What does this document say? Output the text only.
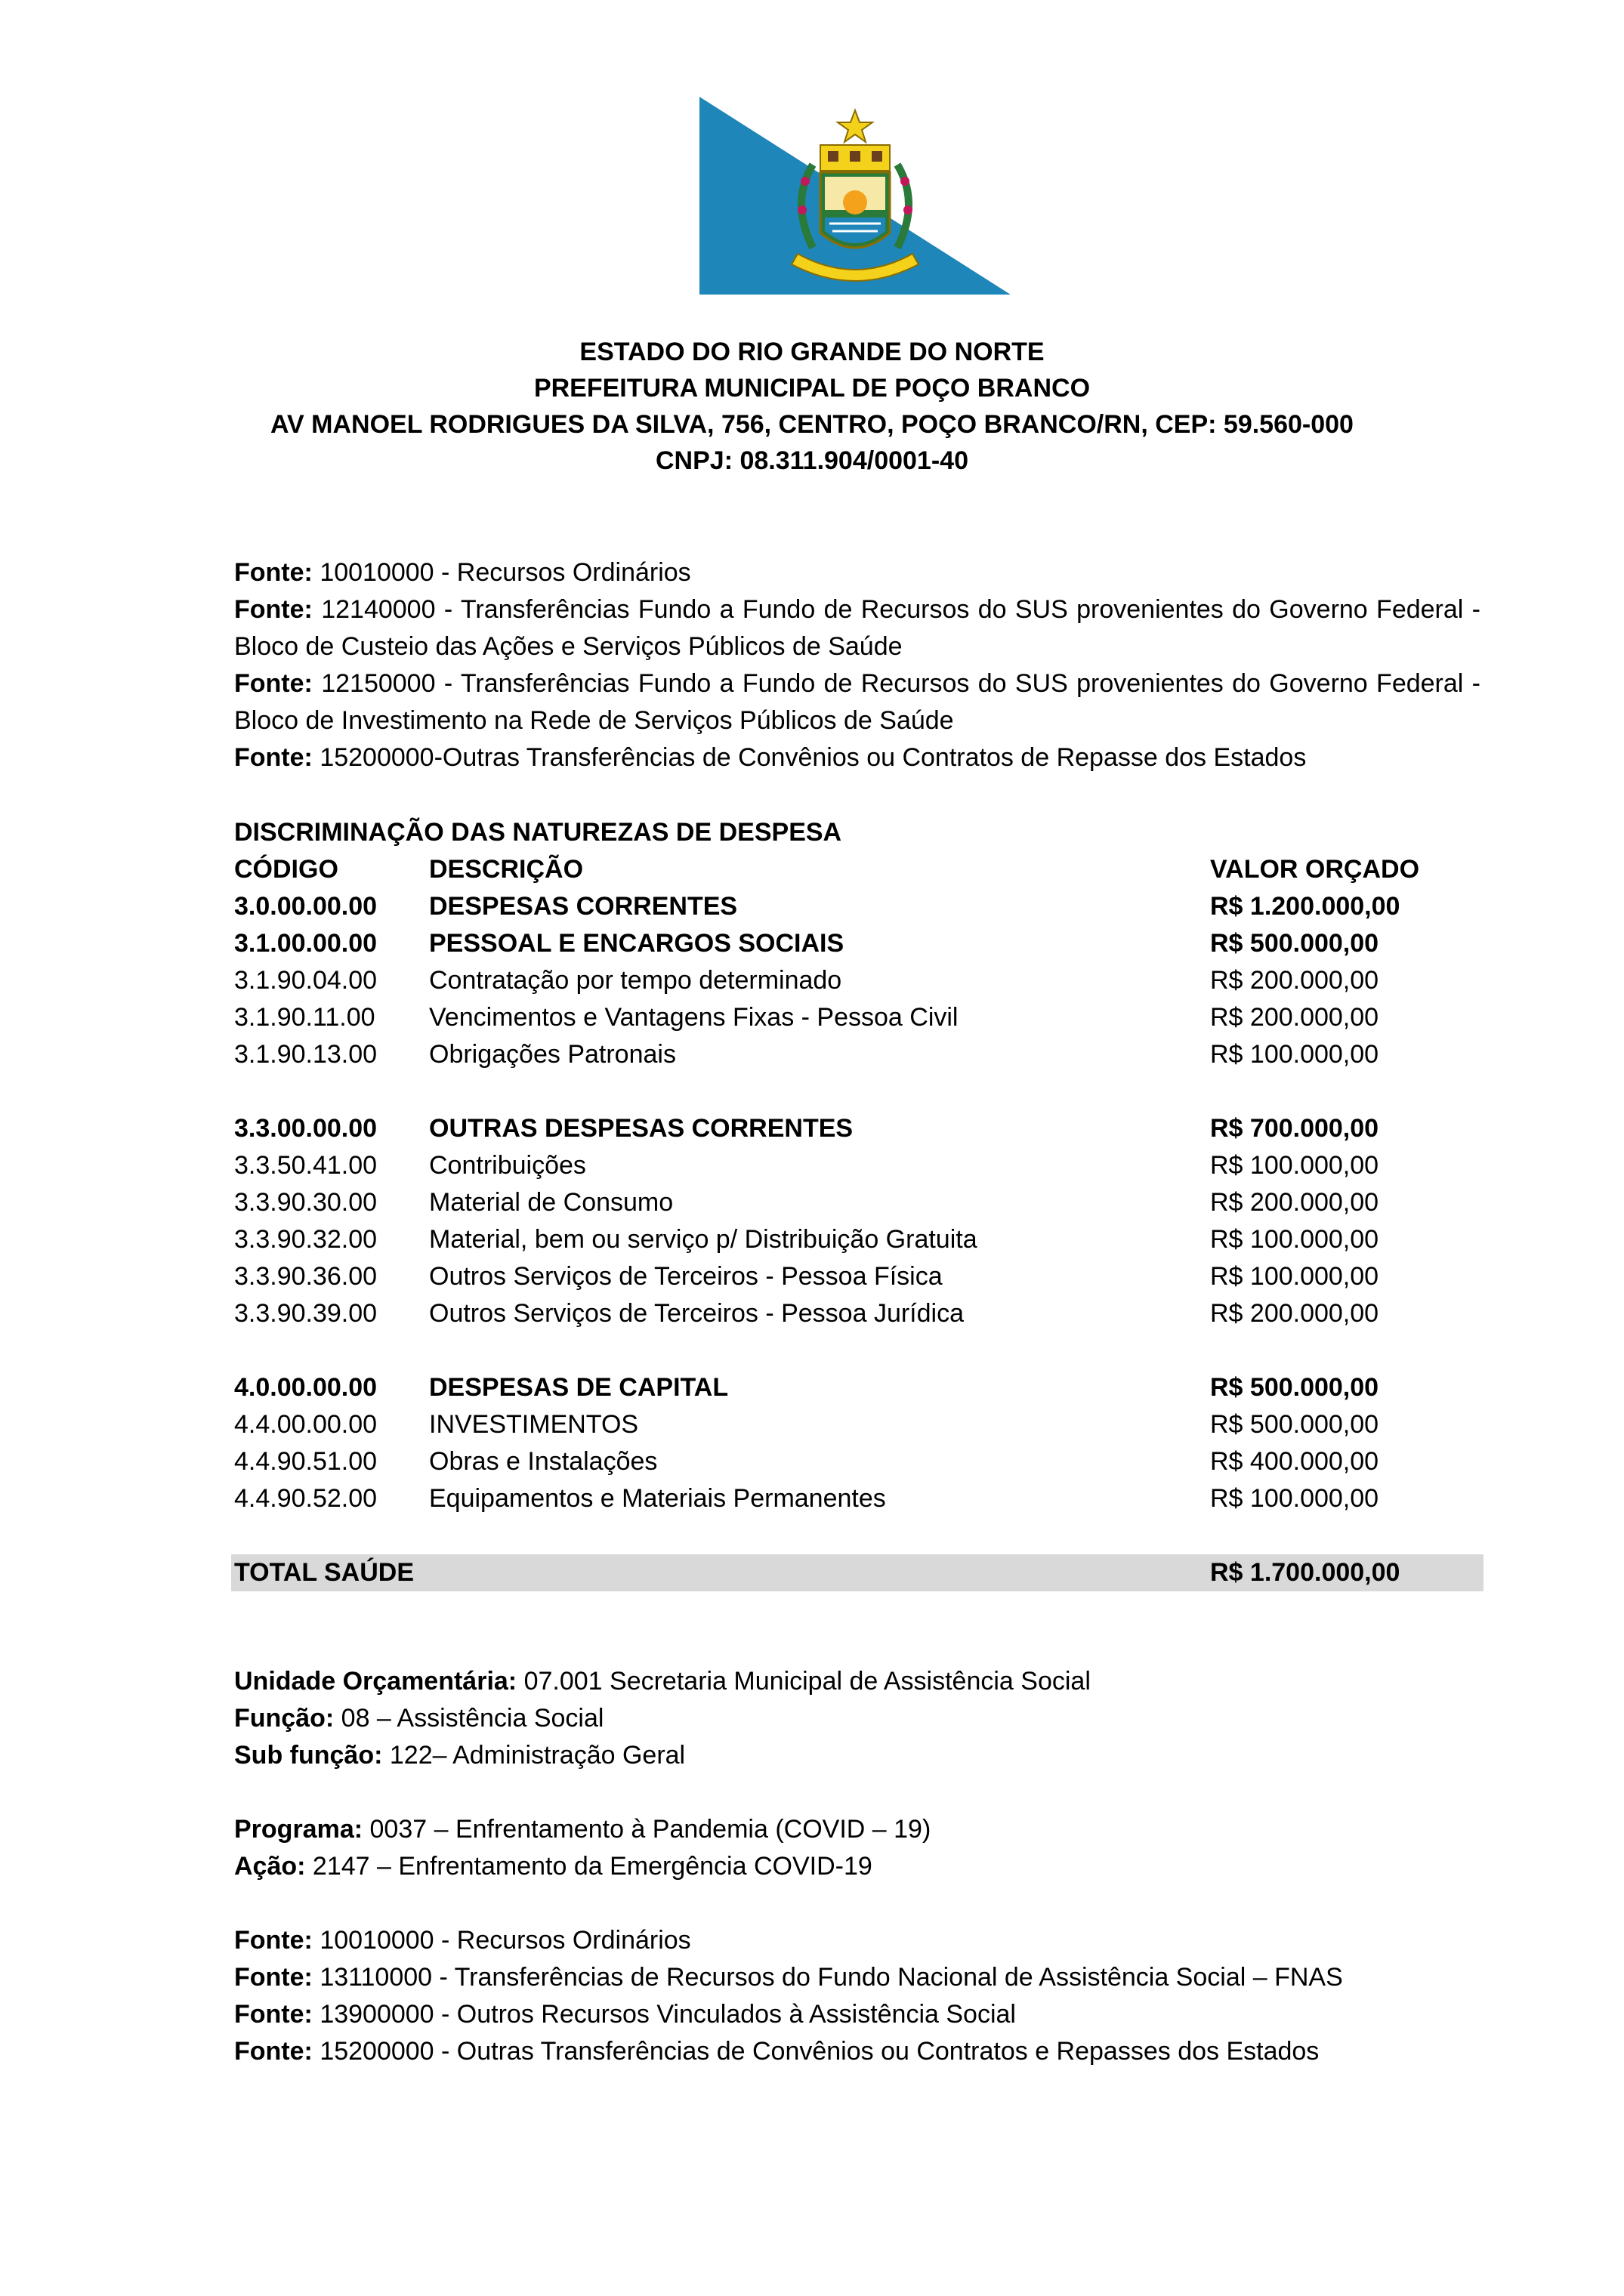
ESTADO DO RIO GRANDE DO NORTE
PREFEITURA MUNICIPAL DE POÇO BRANCO
AV MANOEL RODRIGUES DA SILVA, 756, CENTRO, POÇO BRANCO/RN, CEP: 59.560-000
CNPJ: 08.311.904/0001-40
Fonte: 10010000 - Recursos Ordinários
Fonte: 12140000 - Transferências Fundo a Fundo de Recursos do SUS provenientes do Governo Federal - Bloco de Custeio das Ações e Serviços Públicos de Saúde
Fonte: 12150000 - Transferências Fundo a Fundo de Recursos do SUS provenientes do Governo Federal - Bloco de Investimento na Rede de Serviços Públicos de Saúde
Fonte: 15200000-Outras Transferências de Convênios ou Contratos de Repasse dos Estados
DISCRIMINAÇÃO DAS NATUREZAS DE DESPESA
CÓDIGO	DESCRIÇÃO	VALOR ORÇADO
3.0.00.00.00 DESPESAS CORRENTES	R$ 1.200.000,00
3.1.00.00.00 PESSOAL E ENCARGOS SOCIAIS	R$ 500.000,00
3.1.90.04.00 Contratação por tempo determinado	R$ 200.000,00
3.1.90.11.00 Vencimentos e Vantagens Fixas - Pessoa Civil	R$ 200.000,00
3.1.90.13.00 Obrigações Patronais	R$ 100.000,00
3.3.00.00.00 OUTRAS DESPESAS CORRENTES	R$ 700.000,00
3.3.50.41.00 Contribuições	R$ 100.000,00
3.3.90.30.00 Material de Consumo	R$ 200.000,00
3.3.90.32.00 Material, bem ou serviço p/ Distribuição Gratuita	R$ 100.000,00
3.3.90.36.00 Outros Serviços de Terceiros - Pessoa Física	R$ 100.000,00
3.3.90.39.00 Outros Serviços de Terceiros - Pessoa Jurídica	R$ 200.000,00
4.0.00.00.00 DESPESAS DE CAPITAL	R$ 500.000,00
4.4.00.00.00 INVESTIMENTOS	R$ 500.000,00
4.4.90.51.00 Obras e Instalações	R$ 400.000,00
4.4.90.52.00 Equipamentos e Materiais Permanentes	R$ 100.000,00
TOTAL SAÚDE	R$ 1.700.000,00
Unidade Orçamentária: 07.001 Secretaria Municipal de Assistência Social
Função: 08 – Assistência Social
Sub função: 122– Administração Geral
Programa: 0037 – Enfrentamento à Pandemia (COVID – 19)
Ação: 2147 – Enfrentamento da Emergência COVID-19
Fonte: 10010000 - Recursos Ordinários
Fonte: 13110000 - Transferências de Recursos do Fundo Nacional de Assistência Social – FNAS
Fonte: 13900000 - Outros Recursos Vinculados à Assistência Social
Fonte: 15200000 - Outras Transferências de Convênios ou Contratos e Repasses dos Estados
